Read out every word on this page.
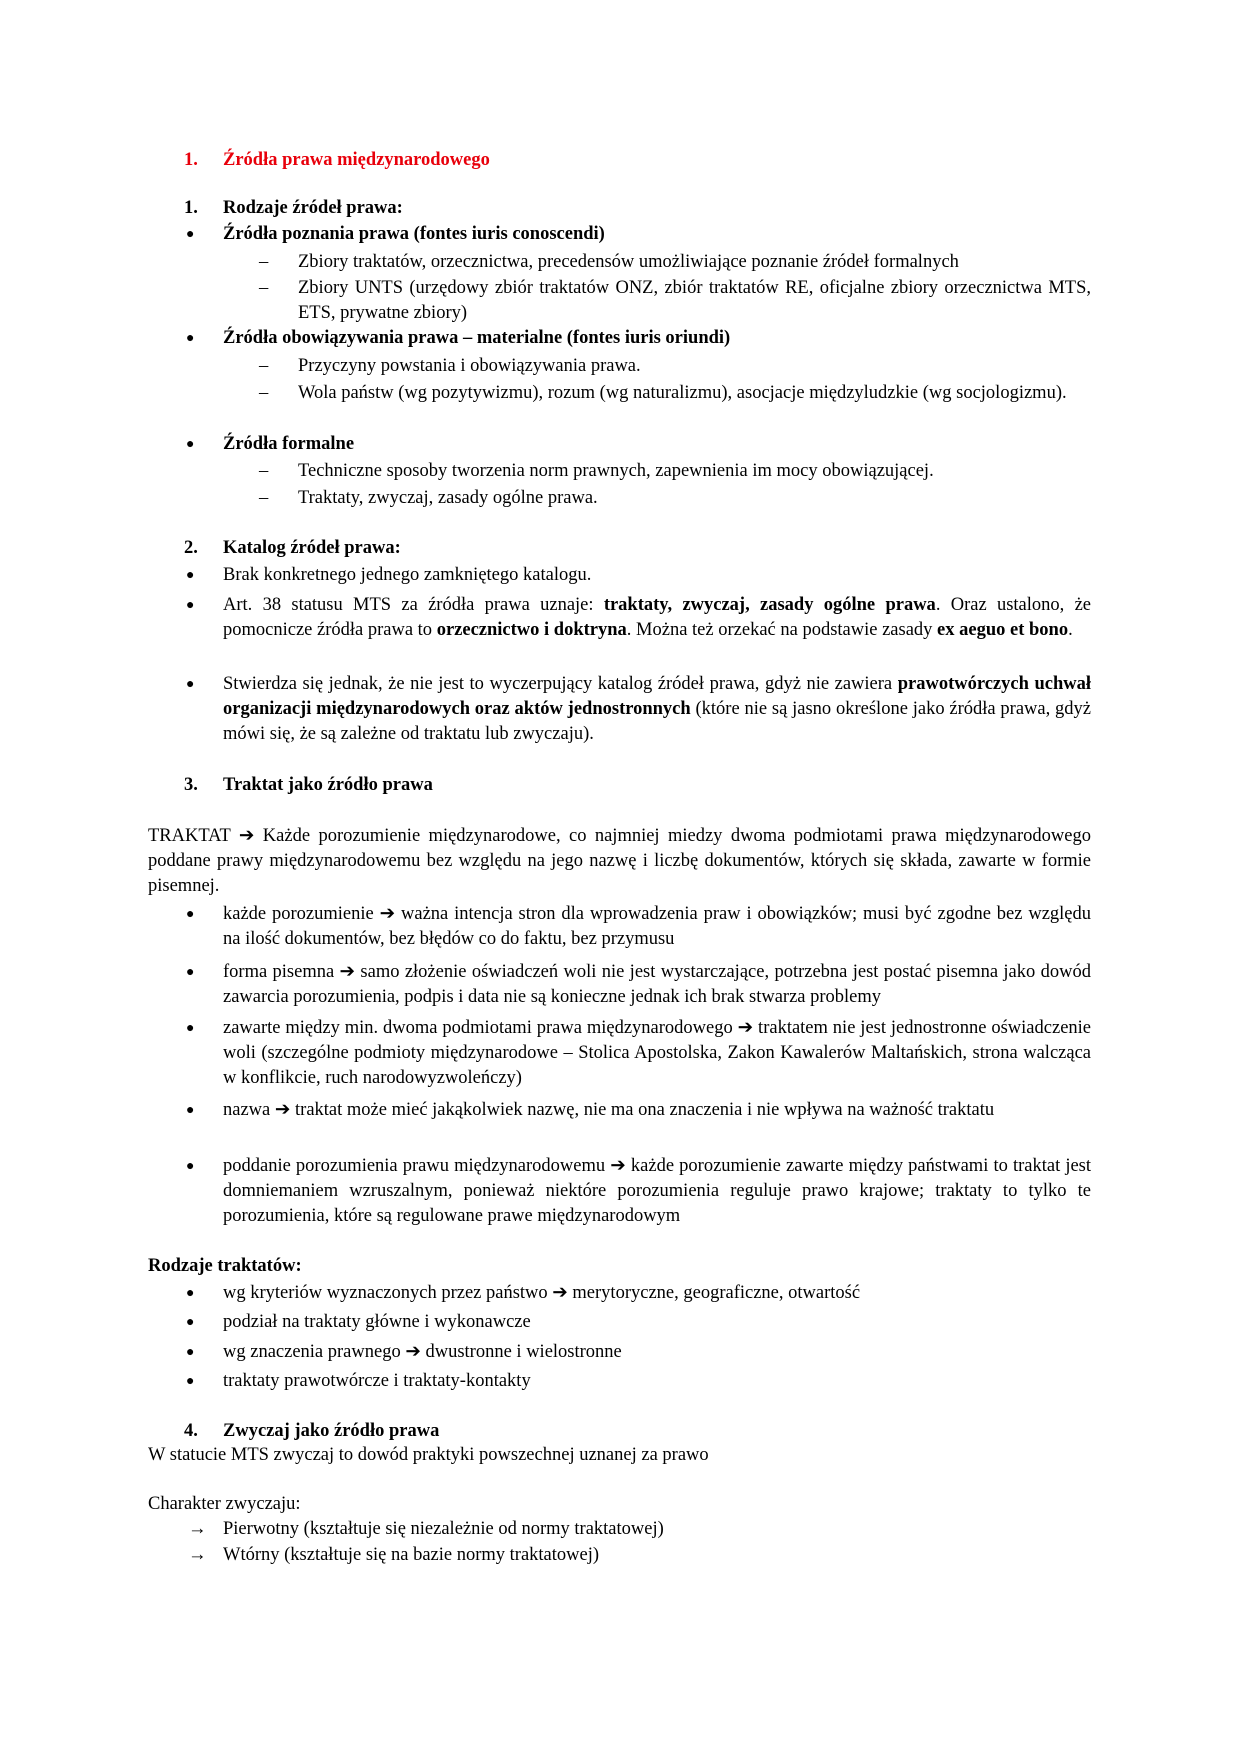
1. Źródła prawa międzynarodowego
1. Rodzaje źródeł prawa:
● Źródła poznania prawa (fontes iuris conoscendi)
– Zbiory traktatów, orzecznictwa, precedensów umożliwiające poznanie źródeł formalnych
– Zbiory UNTS (urzędowy zbiór traktatów ONZ, zbiór traktatów RE, oficjalne zbiory orzecznictwa MTS, ETS, prywatne zbiory)
● Źródła obowiązywania prawa – materialne (fontes iuris oriundi)
– Przyczyny powstania i obowiązywania prawa.
– Wola państw (wg pozytywizmu), rozum (wg naturalizmu), asocjacje międzyludzkie (wg socjologizmu).
● Źródła formalne
– Techniczne sposoby tworzenia norm prawnych, zapewnienia im mocy obowiązującej.
– Traktaty, zwyczaj, zasady ogólne prawa.
2. Katalog źródeł prawa:
● Brak konkretnego jednego zamkniętego katalogu.
● Art. 38 statusu MTS za źródła prawa uznaje: traktaty, zwyczaj, zasady ogólne prawa. Oraz ustalono, że pomocnicze źródła prawa to orzecznictwo i doktryna. Można też orzekać na podstawie zasady ex aeguo et bono.
● Stwierdza się jednak, że nie jest to wyczerpujący katalog źródeł prawa, gdyż nie zawiera prawotwórczych uchwał organizacji międzynarodowych oraz aktów jednostronnych (które nie są jasno określone jako źródła prawa, gdyż mówi się, że są zależne od traktatu lub zwyczaju).
3. Traktat jako źródło prawa
TRAKTAT ➔ Każde porozumienie międzynarodowe, co najmniej miedzy dwoma podmiotami prawa międzynarodowego poddane prawy międzynarodowemu bez względu na jego nazwę i liczbę dokumentów, których się składa, zawarte w formie pisemnej.
● każde porozumienie ➔ ważna intencja stron dla wprowadzenia praw i obowiązków; musi być zgodne bez względu na ilość dokumentów, bez błędów co do faktu, bez przymusu
● forma pisemna ➔ samo złożenie oświadczeń woli nie jest wystarczające, potrzebna jest postać pisemna jako dowód zawarcia porozumienia, podpis i data nie są konieczne jednak ich brak stwarza problemy
● zawarte między min. dwoma podmiotami prawa międzynarodowego ➔ traktatem nie jest jednostronne oświadczenie woli (szczególne podmioty międzynarodowe – Stolica Apostolska, Zakon Kawalerów Maltańskich, strona walcząca w konflikcie, ruch narodowyzwoleńczy)
● nazwa ➔ traktat może mieć jakąkolwiek nazwę, nie ma ona znaczenia i nie wpływa na ważność traktatu
● poddanie porozumienia prawu międzynarodowemu ➔ każde porozumienie zawarte między państwami to traktat jest domniemaniem wzruszalnym, ponieważ niektóre porozumienia reguluje prawo krajowe; traktaty to tylko te porozumienia, które są regulowane prawe międzynarodowym
Rodzaje traktatów:
● wg kryteriów wyznaczonych przez państwo ➔ merytoryczne, geograficzne, otwartość
● podział na traktaty główne i wykonawcze
● wg znaczenia prawnego ➔ dwustronne i wielostronne
● traktaty prawotwórcze i traktaty-kontakty
4. Zwyczaj jako źródło prawa
W statucie MTS zwyczaj to dowód praktyki powszechnej uznanej za prawo
Charakter zwyczaju:
→ Pierwotny (kształtuje się niezależnie od normy traktatowej)
→ Wtórny (kształtuje się na bazie normy traktatowej)
